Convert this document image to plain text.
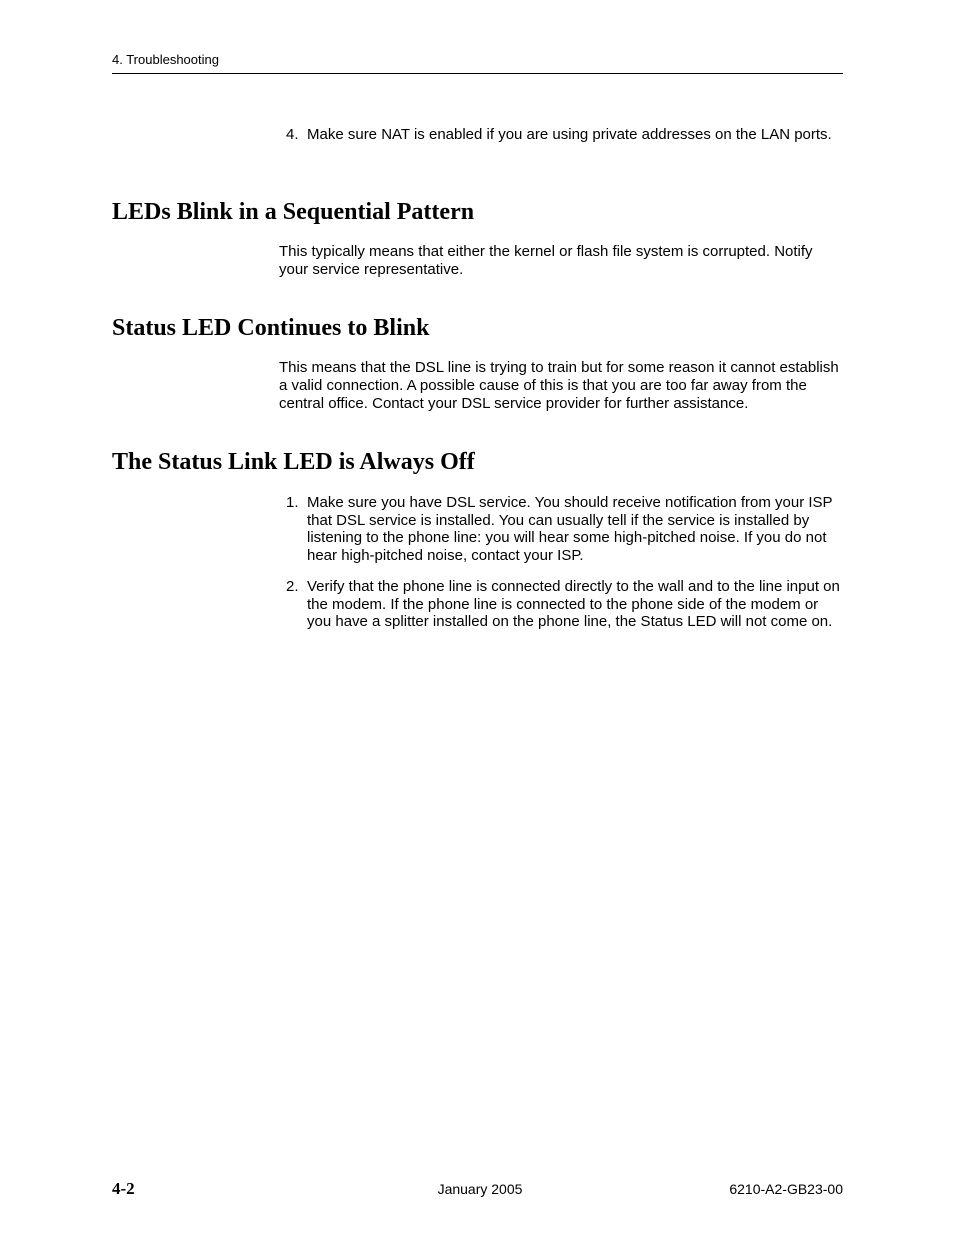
4. Troubleshooting
4. Make sure NAT is enabled if you are using private addresses on the LAN ports.
LEDs Blink in a Sequential Pattern

This typically means that either the kernel or flash file system is corrupted. Notify your service representative.

Status LED Continues to Blink

This means that the DSL line is trying to train but for some reason it cannot establish a valid connection. A possible cause of this is that you are too far away from the central office. Contact your DSL service provider for further assistance.

The Status Link LED is Always Off
1. Make sure you have DSL service. You should receive notification from your ISP that DSL service is installed. You can usually tell if the service is installed by listening to the phone line: you will hear some high-pitched noise. If you do not hear high-pitched noise, contact your ISP.
2. Verify that the phone line is connected directly to the wall and to the line input on the modem. If the phone line is connected to the phone side of the modem or you have a splitter installed on the phone line, the Status LED will not come on.
4-2	January 2005	6210-A2-GB23-00
